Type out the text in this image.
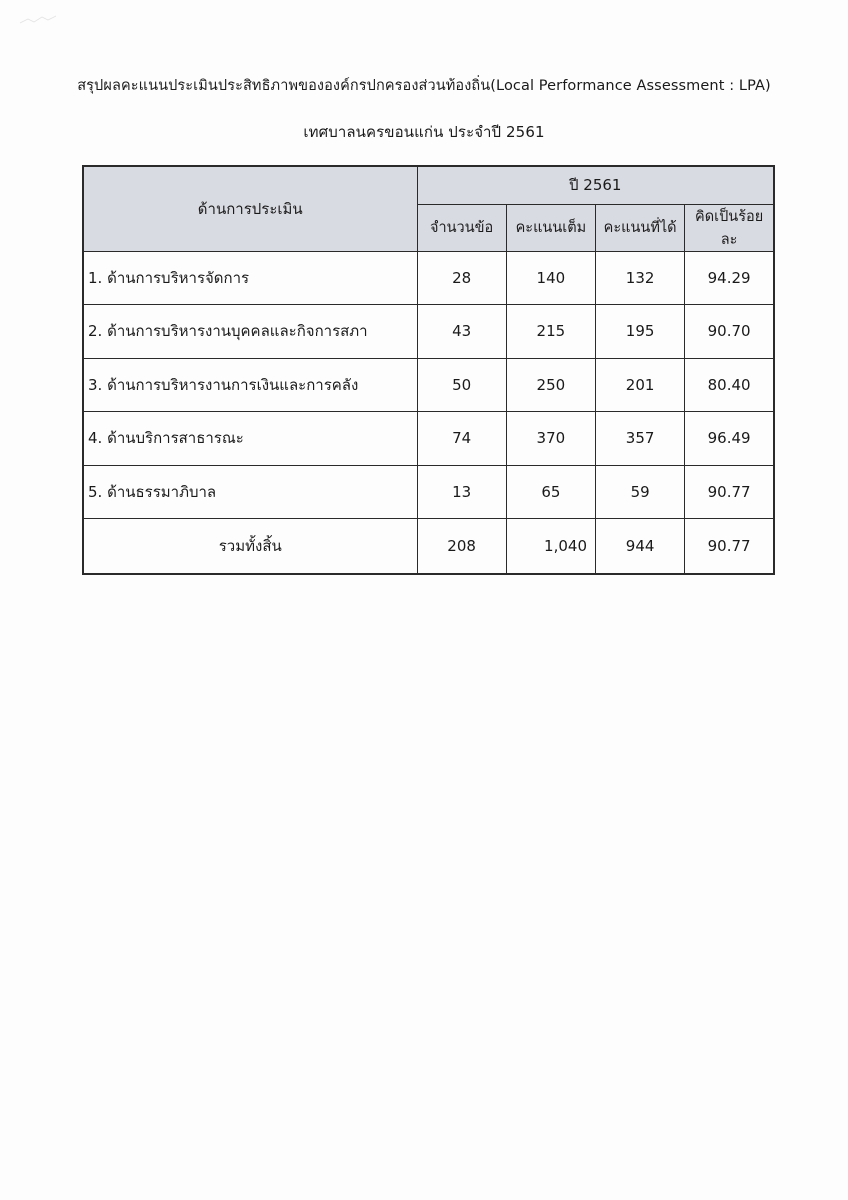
สรุปผลคะแนนประเมินประสิทธิภาพขององค์กรปกครองส่วนท้องถิ่น(Local Performance Assessment : LPA)
เทศบาลนครขอนแก่น ประจำปี 2561
ด้านการประเมิน	ปี 2561			
	จำนวนข้อ	คะแนนเต็ม	คะแนนที่ได้	คิดเป็นร้อยละ
1. ด้านการบริหารจัดการ	28	140	132	94.29
2. ด้านการบริหารงานบุคคลและกิจการสภา	43	215	195	90.70
3. ด้านการบริหารงานการเงินและการคลัง	50	250	201	80.40
4. ด้านบริการสาธารณะ	74	370	357	96.49
5. ด้านธรรมาภิบาล	13	65	59	90.77
รวมทั้งสิ้น	208	1,040	944	90.77
